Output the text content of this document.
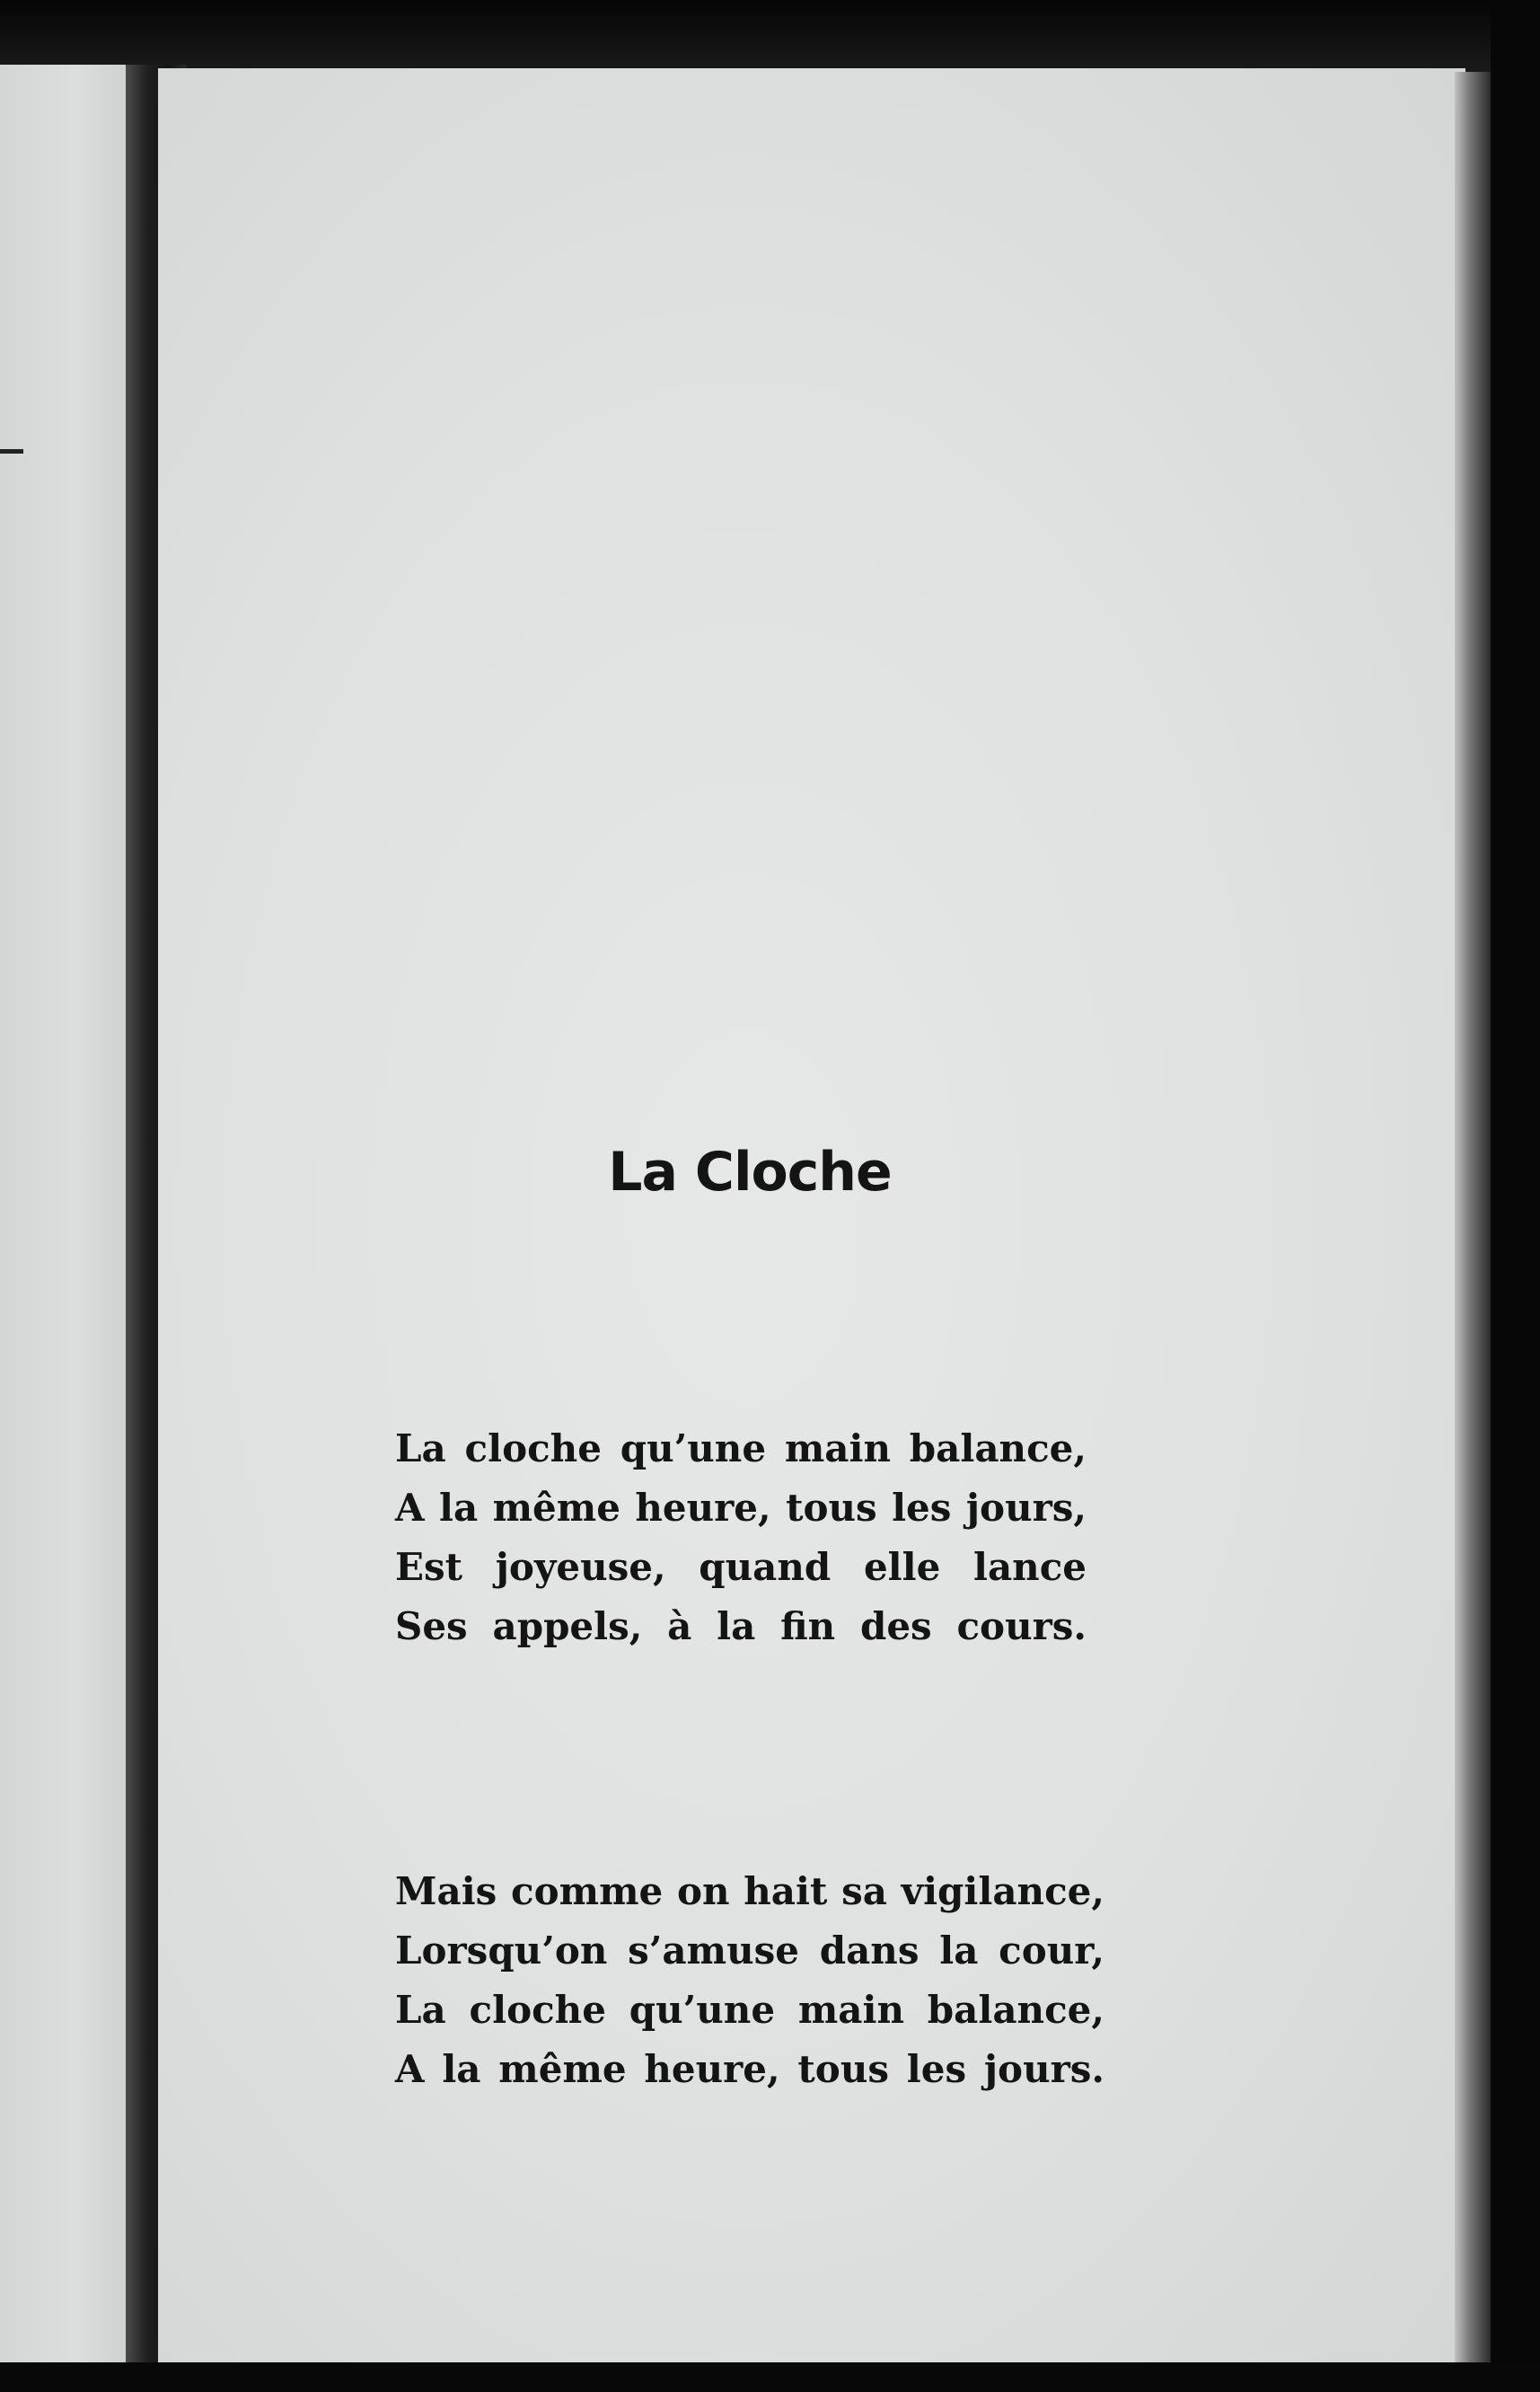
La Cloche
La cloche qu’une main balance,
A la même heure, tous les jours,
Est joyeuse, quand elle lance
Ses appels, à la fin des cours.
Mais comme on hait sa vigilance,
Lorsqu’on s’amuse dans la cour,
La cloche qu’une main balance,
A la même heure, tous les jours.
